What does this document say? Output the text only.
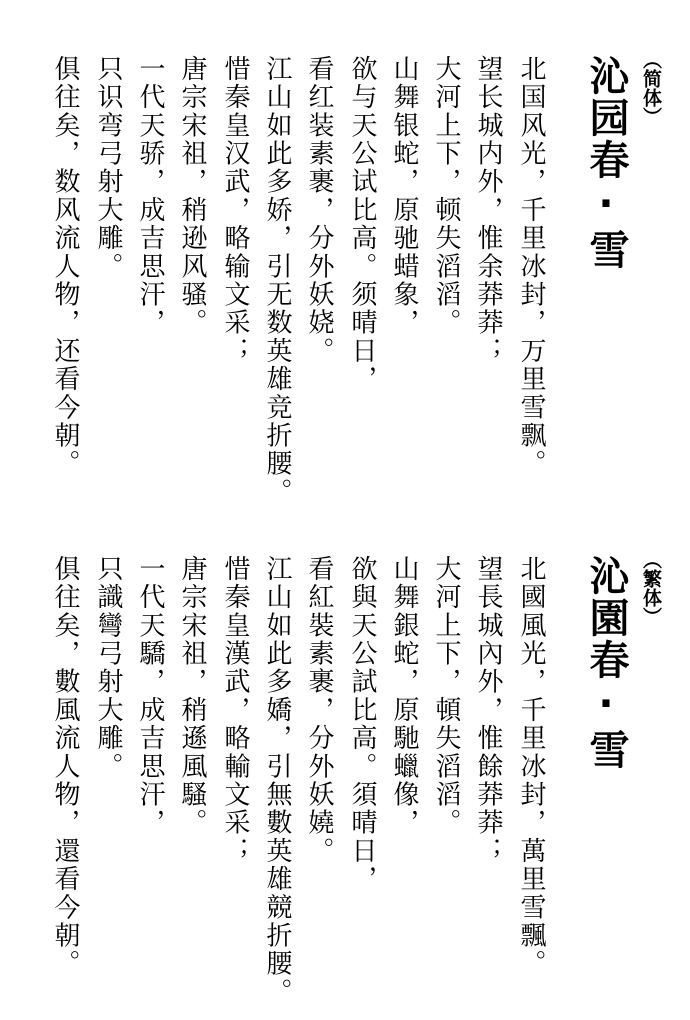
（简体）
沁园春·雪
北国风光，千里冰封，万里雪飘。
望长城内外，惟余莽莽；
大河上下，顿失滔滔。
山舞银蛇，原驰蜡象，
欲与天公试比高。须晴日，
看红装素裹，分外妖娆。
江山如此多娇，引无数英雄竞折腰。
惜秦皇汉武，略输文采；
唐宗宋祖，稍逊风骚。
一代天骄，成吉思汗，
只识弯弓射大雕。
俱往矣，数风流人物，还看今朝。
（繁体）
沁園春·雪
北國風光，千里冰封，萬里雪飄。
望長城內外，惟餘莽莽；
大河上下，頓失滔滔。
山舞銀蛇，原馳蠟像，
欲與天公試比高。須晴日，
看紅裝素裹，分外妖嬈。
江山如此多嬌，引無數英雄競折腰。
惜秦皇漢武，略輸文采；
唐宗宋祖，稍遜風騷。
一代天驕，成吉思汗，
只識彎弓射大雕。
俱往矣，數風流人物，還看今朝。
